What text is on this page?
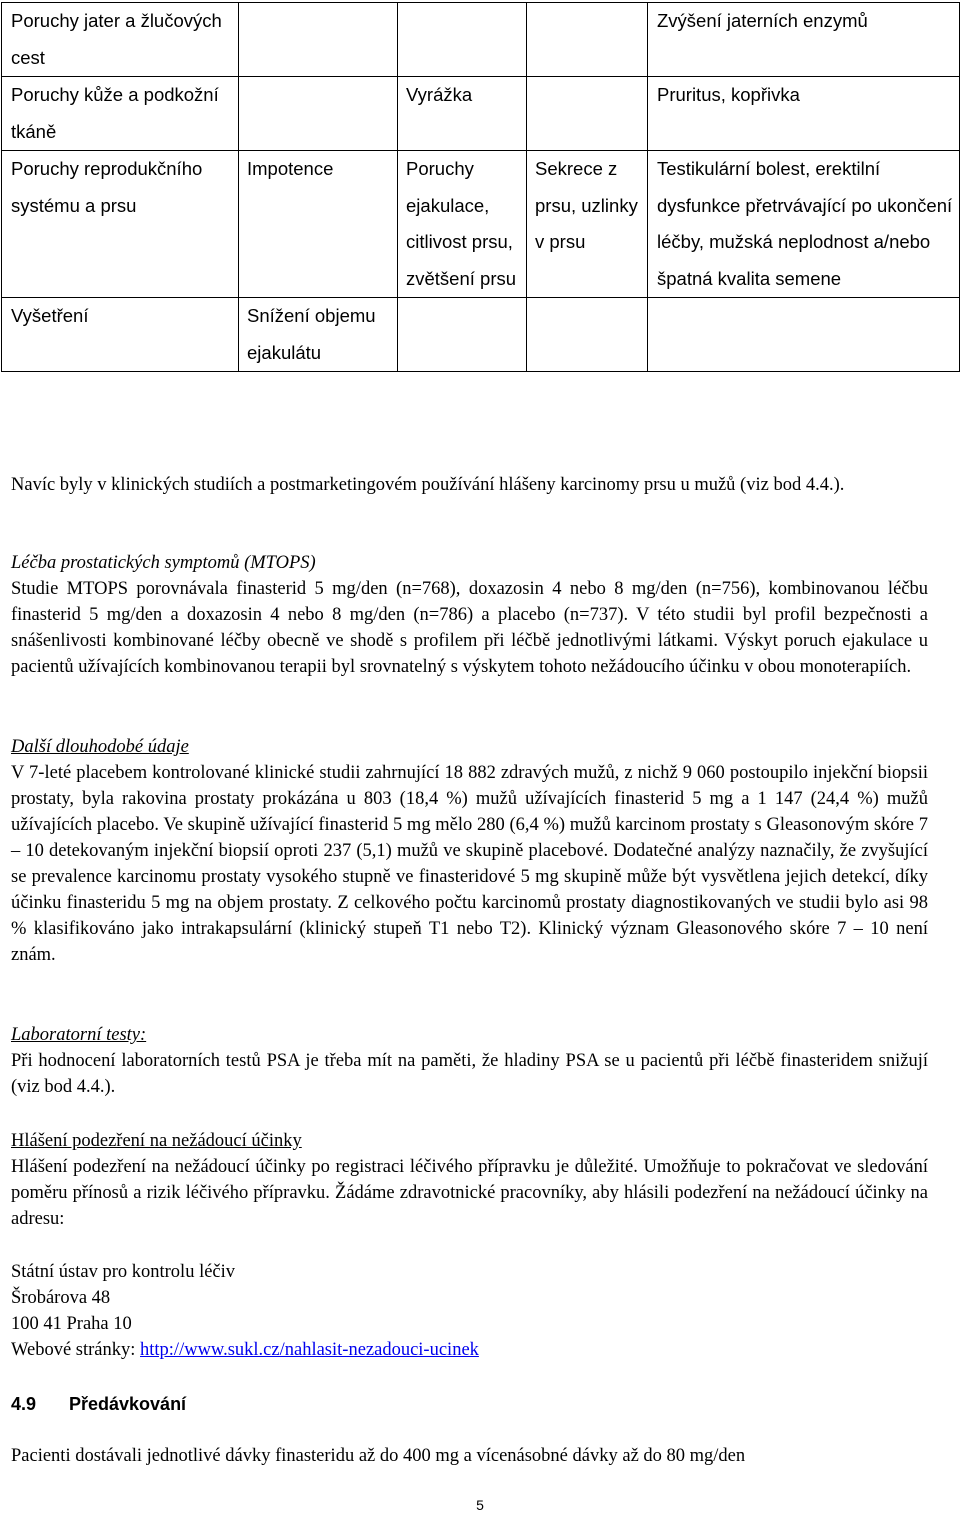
Poruchy jater a žlučových cest				Zvýšení jaterních enzymů
Poruchy kůže a podkožní tkáně		Vyrážka		Pruritus, kopřivka
Poruchy reprodukčního systému a prsu	Impotence	Poruchy ejakulace, citlivost prsu, zvětšení prsu	Sekrece z prsu, uzlinky v prsu	Testikulární bolest, erektilní dysfunkce přetrvávající po ukončení léčby, mužská neplodnost a/nebo špatná kvalita semene
Vyšetření	Snížení objemu ejakulátu			

Navíc byly v klinických studiích a postmarketingovém používání hlášeny karcinomy prsu u mužů (viz bod 4.4.).

Léčba prostatických symptomů (MTOPS)

Studie MTOPS porovnávala finasterid 5 mg/den (n=768), doxazosin 4 nebo 8 mg/den (n=756), kombinovanou léčbu finasterid 5 mg/den a doxazosin 4 nebo 8 mg/den (n=786) a placebo (n=737). V této studii byl profil bezpečnosti a snášenlivosti kombinované léčby obecně ve shodě s profilem při léčbě jednotlivými látkami. Výskyt poruch ejakulace u pacientů užívajících kombinovanou terapii byl srovnatelný s výskytem tohoto nežádoucího účinku v obou monoterapiích.

Další dlouhodobé údaje

V 7-leté placebem kontrolované klinické studii zahrnující 18 882 zdravých mužů, z nichž 9 060 postoupilo injekční biopsii prostaty, byla rakovina prostaty prokázána u 803 (18,4 %) mužů užívajících finasterid 5 mg a 1 147 (24,4 %) mužů užívajících placebo. Ve skupině užívající finasterid 5 mg mělo 280 (6,4 %) mužů karcinom prostaty s Gleasonovým skóre 7 – 10 detekovaným injekční biopsií oproti 237 (5,1) mužů ve skupině placebové. Dodatečné analýzy naznačily, že zvyšující se prevalence karcinomu prostaty vysokého stupně ve finasteridové 5 mg skupině může být vysvětlena jejich detekcí, díky účinku finasteridu 5 mg na objem prostaty. Z celkového počtu karcinomů prostaty diagnostikovaných ve studii bylo asi 98 % klasifikováno jako intrakapsulární (klinický stupeň T1 nebo T2). Klinický význam Gleasonového skóre 7 – 10 není znám.

Laboratorní testy:

Při hodnocení laboratorních testů PSA je třeba mít na paměti, že hladiny PSA se u pacientů při léčbě finasteridem snižují (viz bod 4.4.).

Hlášení podezření na nežádoucí účinky

Hlášení podezření na nežádoucí účinky po registraci léčivého přípravku je důležité. Umožňuje to pokračovat ve sledování poměru přínosů a rizik léčivého přípravku. Žádáme zdravotnické pracovníky, aby hlásili podezření na nežádoucí účinky na adresu:

Státní ústav pro kontrolu léčiv
Šrobárova 48
100 41 Praha 10
Webové stránky: http://www.sukl.cz/nahlasit-nezadouci-ucinek
4.9 Předávkování

Pacienti dostávali jednotlivé dávky finasteridu až do 400 mg a vícenásobné dávky až do 80 mg/den

5
